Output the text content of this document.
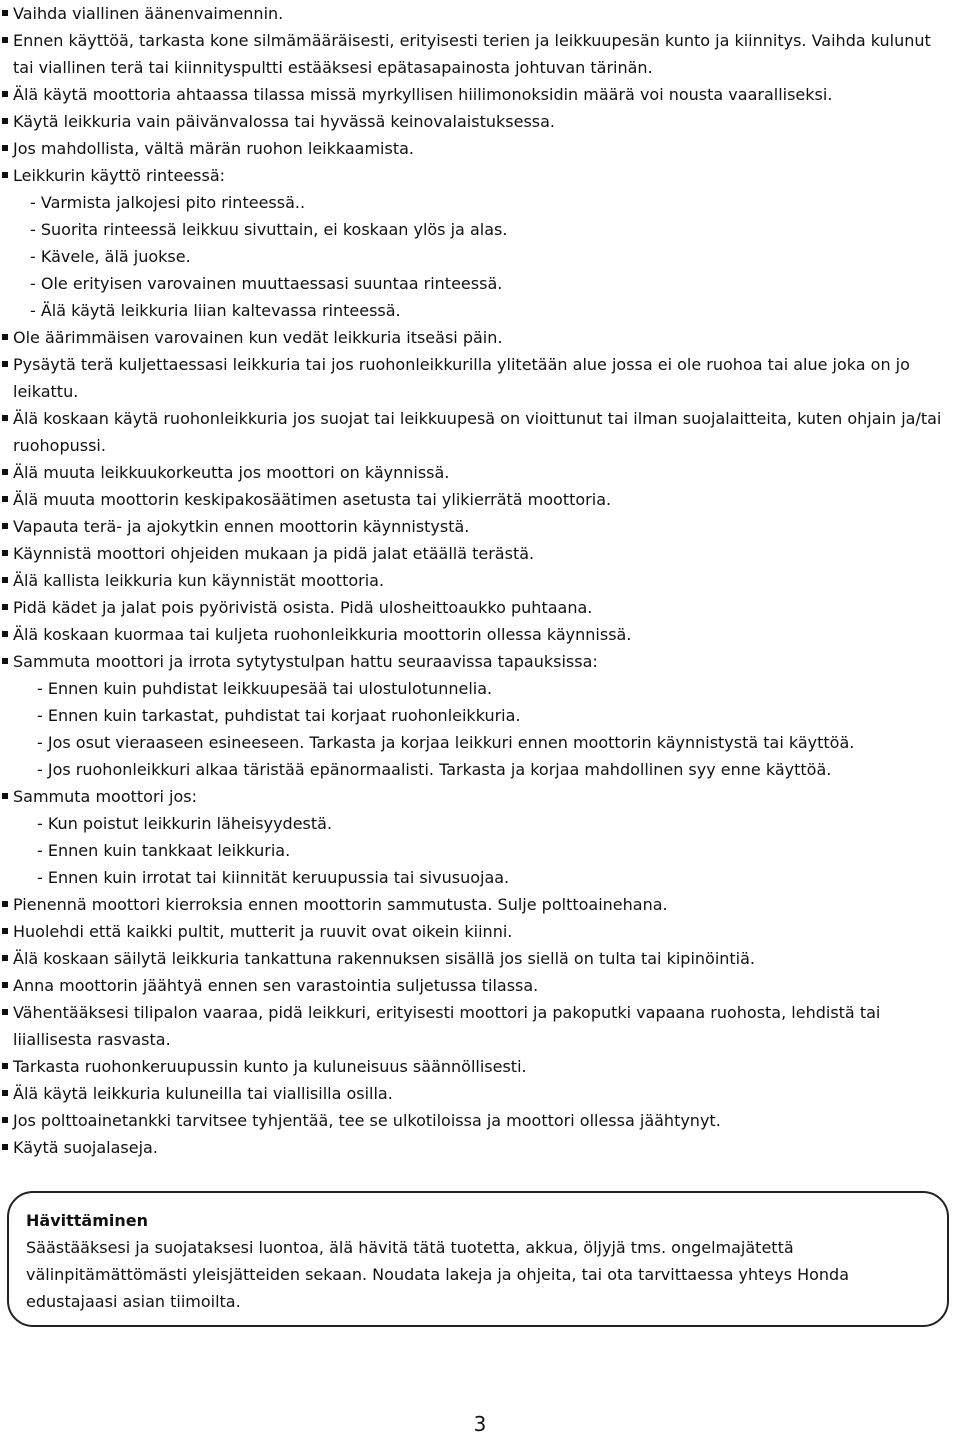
Vaihda viallinen äänenvaimennin.
Ennen käyttöä, tarkasta kone silmämääräisesti, erityisesti terien ja leikkuupesän kunto ja kiinnitys. Vaihda kulunut tai viallinen terä tai kiinnityspultti estääksesi epätasapainosta johtuvan tärinän.
Älä käytä moottoria ahtaassa tilassa missä myrkyllisen hiilimonoksidin määrä voi nousta vaaralliseksi.
Käytä leikkuria vain päivänvalossa tai hyvässä keinovalaistuksessa.
Jos mahdollista, vältä märän ruohon leikkaamista.
Leikkurin käyttö rinteessä:
- Varmista jalkojesi pito rinteessä..
- Suorita rinteessä leikkuu sivuttain, ei koskaan ylös ja alas.
- Kävele, älä juokse.
- Ole erityisen varovainen muuttaessasi suuntaa rinteessä.
- Älä käytä leikkuria liian kaltevassa rinteessä.
Ole äärimmäisen varovainen kun vedät leikkuria itseäsi päin.
Pysäytä terä kuljettaessasi leikkuria tai jos ruohonleikkurilla ylitetään alue jossa ei ole ruohoa tai alue joka on jo leikattu.
Älä koskaan käytä ruohonleikkuria jos suojat tai leikkuupesä on vioittunut tai ilman suojalaitteita, kuten ohjain ja/tai ruohopussi.
Älä muuta leikkuukorkeutta jos moottori on käynnissä.
Älä muuta moottorin keskipakosäätimen asetusta tai ylikierrätä moottoria.
Vapauta terä- ja ajokytkin ennen moottorin käynnistystä.
Käynnistä moottori ohjeiden mukaan ja pidä jalat etäällä terästä.
Älä kallista leikkuria kun käynnistät moottoria.
Pidä kädet ja jalat pois pyörivistä osista. Pidä ulosheittoaukko puhtaana.
Älä koskaan kuormaa tai kuljeta ruohonleikkuria moottorin ollessa käynnissä.
Sammuta moottori ja irrota sytytystulpan hattu seuraavissa tapauksissa:
- Ennen kuin puhdistat leikkuupesää tai ulostulotunnelia.
- Ennen kuin tarkastat, puhdistat tai korjaat ruohonleikkuria.
- Jos osut vieraaseen esineeseen. Tarkasta ja korjaa leikkuri ennen moottorin käynnistystä tai käyttöä.
- Jos ruohonleikkuri alkaa täristää epänormaalisti. Tarkasta ja korjaa mahdollinen syy enne käyttöä.
Sammuta moottori jos:
- Kun poistut leikkurin läheisyydestä.
- Ennen kuin tankkaat leikkuria.
- Ennen kuin irrotat tai kiinnität keruupussia tai sivusuojaa.
Pienennä moottori kierroksia ennen moottorin sammutusta. Sulje polttoainehana.
Huolehdi että kaikki pultit, mutterit ja ruuvit ovat oikein kiinni.
Älä koskaan säilytä leikkuria tankattuna rakennuksen sisällä jos siellä on tulta tai kipinöintiä.
Anna moottorin jäähtyä ennen sen varastointia suljetussa tilassa.
Vähentääksesi tilipalon vaaraa, pidä leikkuri, erityisesti moottori ja pakoputki vapaana ruohosta, lehdistä tai liiallisesta rasvasta.
Tarkasta ruohonkeruupussin kunto ja kuluneisuus säännöllisesti.
Älä käytä leikkuria kuluneilla tai viallisilla osilla.
Jos polttoainetankki tarvitsee tyhjentää, tee se ulkotiloissa ja moottori ollessa jäähtynyt.
Käytä suojalaseja.
Hävittäminen
Säästääksesi ja suojataksesi luontoa, älä hävitä tätä tuotetta, akkua, öljyjä tms. ongelmajätettä välinpitämättömästi yleisjätteiden sekaan. Noudata lakeja ja ohjeita, tai ota tarvittaessa yhteys Honda edustajaasi asian tiimoilta.
3
